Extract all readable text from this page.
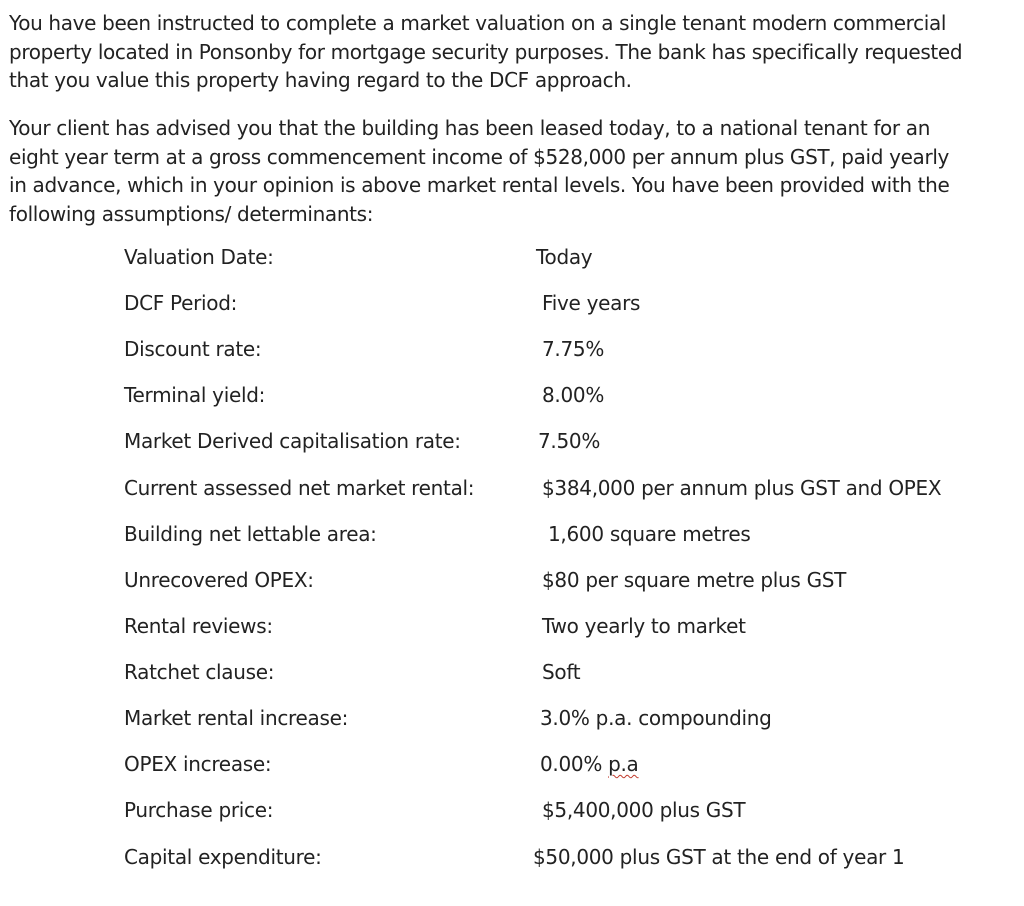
You have been instructed to complete a market valuation on a single tenant modern commercial
property located in Ponsonby for mortgage security purposes. The bank has specifically requested
that you value this property having regard to the DCF approach.

Your client has advised you that the building has been leased today, to a national tenant for an
eight year term at a gross commencement income of $528,000 per annum plus GST, paid yearly
in advance, which in your opinion is above market rental levels. You have been provided with the
following assumptions/ determinants:

Valuation Date:	Today
DCF Period:	Five years
Discount rate:	7.75%
Terminal yield:	8.00%
Market Derived capitalisation rate:	7.50%
Current assessed net market rental:	$384,000 per annum plus GST and OPEX
Building net lettable area:	1,600 square metres
Unrecovered OPEX:	$80 per square metre plus GST
Rental reviews:	Two yearly to market
Ratchet clause:	Soft
Market rental increase:	3.0% p.a. compounding
OPEX increase:	0.00% p.a
Purchase price:	$5,400,000 plus GST
Capital expenditure:	$50,000 plus GST at the end of year 1
